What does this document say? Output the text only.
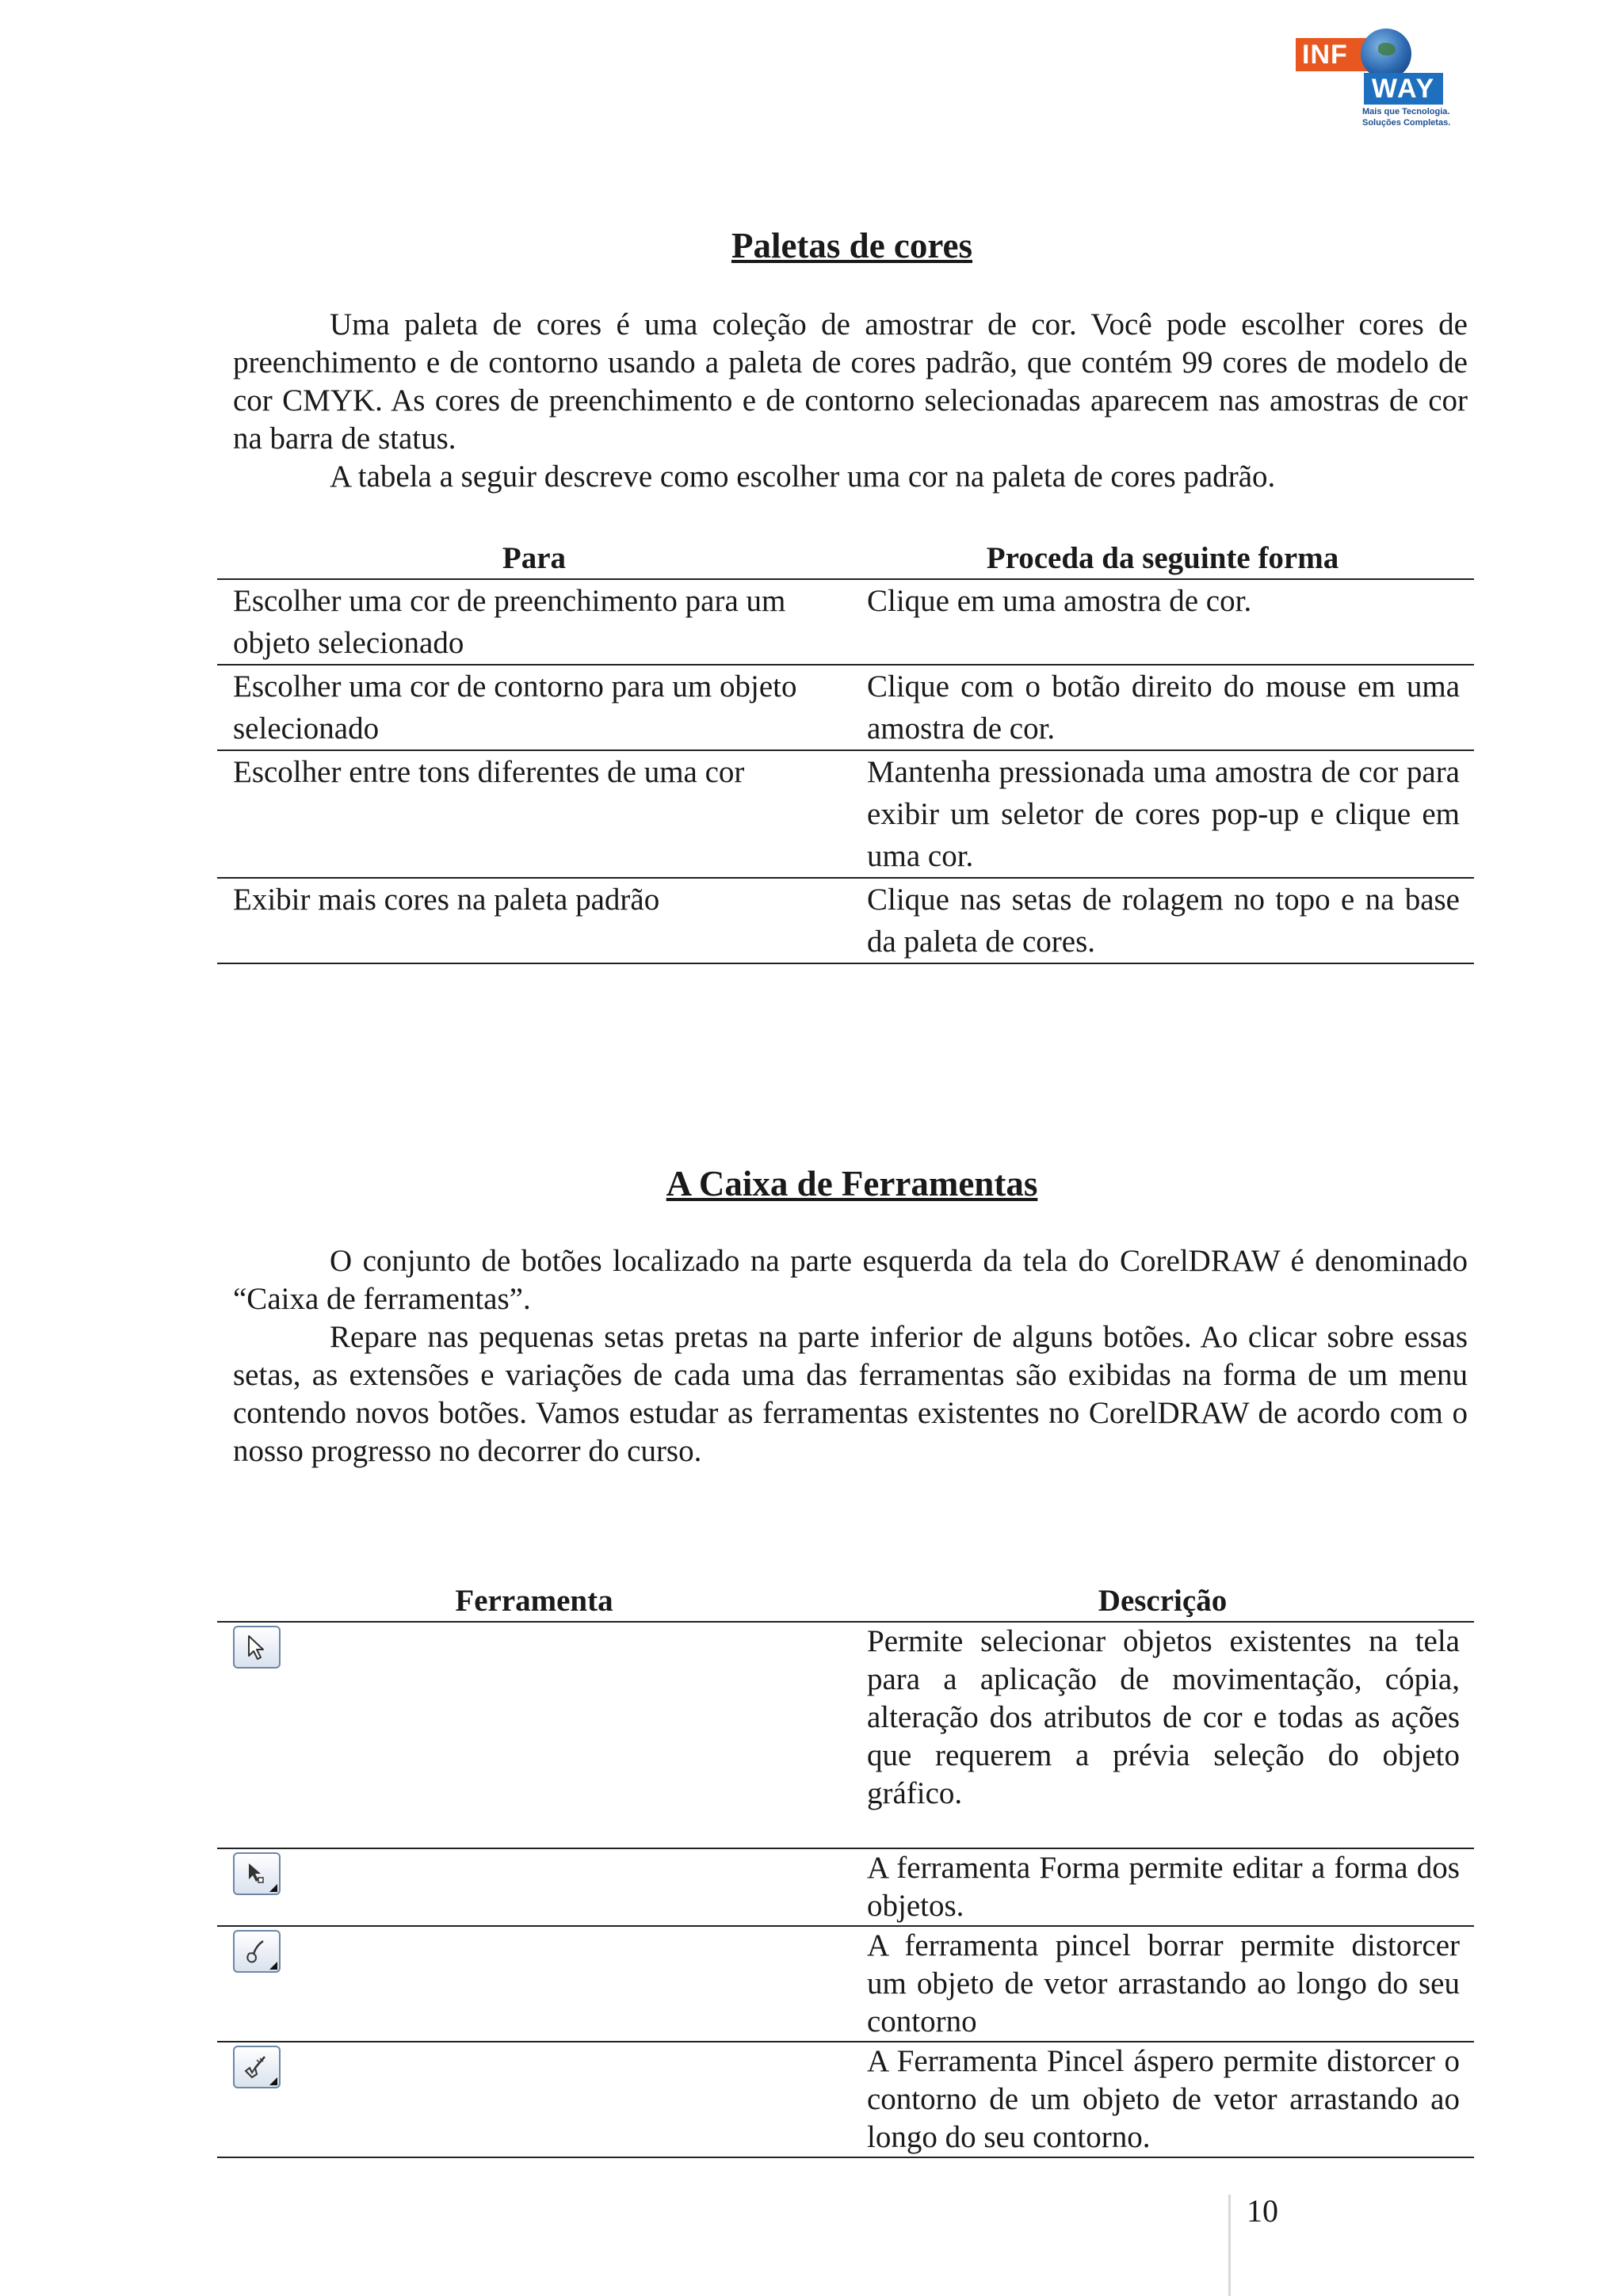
INF
WAY
Mais que Tecnologia.
Soluções Completas.
Paletas de cores

Uma paleta de cores é uma coleção de amostrar de cor. Você pode escolher cores de preenchimento e de contorno usando a paleta de cores padrão, que contém 99 cores de modelo de cor CMYK. As cores de preenchimento e de contorno selecionadas aparecem nas amostras de cor na barra de status.

A tabela a seguir descreve como escolher uma cor na paleta de cores padrão.

Para	Proceda da seguinte forma
Escolher uma cor de preenchimento para um objeto selecionado	Clique em uma amostra de cor.
Escolher uma cor de contorno para um objeto selecionado	Clique com o botão direito do mouse em uma amostra de cor.
Escolher entre tons diferentes de uma cor	Mantenha pressionada uma amostra de cor para exibir um seletor de cores pop-up e clique em uma cor.
Exibir mais cores na paleta padrão	Clique nas setas de rolagem no topo e na base da paleta de cores.
A Caixa de Ferramentas

O conjunto de botões localizado na parte esquerda da tela do CorelDRAW é denominado “Caixa de ferramentas”.

Repare nas pequenas setas pretas na parte inferior de alguns botões. Ao clicar sobre essas setas, as extensões e variações de cada uma das ferramentas são exibidas na forma de um menu contendo novos botões. Vamos estudar as ferramentas existentes no CorelDRAW de acordo com o nosso progresso no decorrer do curso.

Ferramenta	Descrição

	Permite selecionar objetos existentes na tela para a aplicação de movimentação, cópia, alteração dos atributos de cor e todas as ações que requerem a prévia seleção do objeto gráfico.

	A ferramenta Forma permite editar a forma dos objetos.

	A ferramenta pincel borrar permite distorcer um objeto de vetor arrastando ao longo do seu contorno

	A Ferramenta Pincel áspero permite distorcer o contorno de um objeto de vetor arrastando ao longo do seu contorno.
10
